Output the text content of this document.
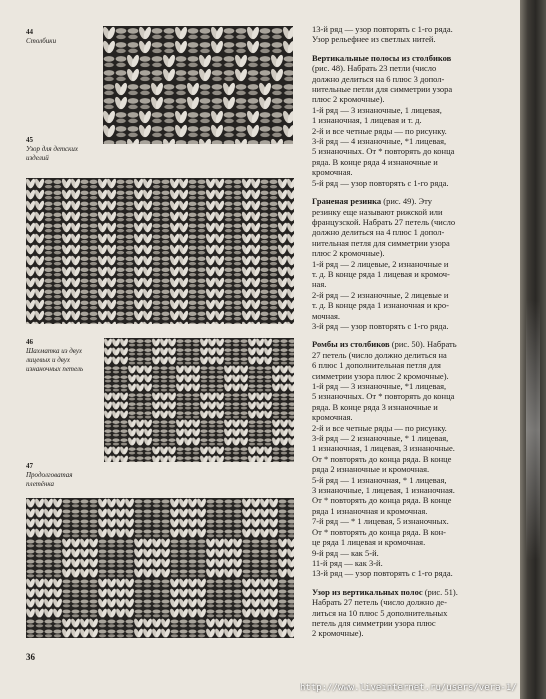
44
Столбики
45
Узор для детских
изделий
46
Шахматка из двух
лицевых и двух
изнаночных петель
47
Продолговатая
плетёнка

13-й ряд — узор повторять с 1-го ряда.
Узор рельефнее из светлых нитей.

Вертикальные полосы из столбиков
(рис. 48). Набрать 23 петли (число
должно делиться на 6 плюс 3 допол-
нительные петли для симметрии узора
плюс 2 кромочные).
1-й ряд — 3 изнаночные, 1 лицевая,
1 изнаночная, 1 лицевая и т. д.
2-й и все четные ряды — по рисунку.
3-й ряд — 4 изнаночные, *1 лицевая,
5 изнаночных. От * повторять до конца
ряда. В конце ряда 4 изнаночные и
кромочная.
5-й ряд — узор повторять с 1-го ряда.

Граненая резинка (рис. 49). Эту
резинку еще называют рижской или
французской. Набрать 27 петель (число
должно делиться на 4 плюс 1 допол-
нительная петля для симметрии узора
плюс 2 кромочные).
1-й ряд — 2 лицевые, 2 изнаночные и
т. д. В конце ряда 1 лицевая и кромоч-
ная.
2-й ряд — 2 изнаночные, 2 лицевые и
т. д. В конце ряда 1 изнаночная и кро-
мочная.
3-й ряд — узор повторять с 1-го ряда.

Ромбы из столбиков (рис. 50). Набрать
27 петель (число должно делиться на
6 плюс 1 дополнительная петля для
симметрии узора плюс 2 кромочные).
1-й ряд — 3 изнаночные, *1 лицевая,
5 изнаночных. От * повторять до конца
ряда. В конце ряда 3 изнаночные и
кромочная.
2-й и все четные ряды — по рисунку.
3-й ряд — 2 изнаночные, * 1 лицевая,
1 изнаночная, 1 лицевая, 3 изнаночные.
От * повторять до конца ряда. В конце
ряда 2 изнаночные и кромочная.
5-й ряд — 1 изнаночная, * 1 лицевая,
3 изнаночные, 1 лицевая, 1 изнаночная.
От * повторять до конца ряда. В конце
ряда 1 изнаночная и кромочная.
7-й ряд — * 1 лицевая, 5 изнаночных.
От * повторять до конца ряда. В кон-
це ряда 1 лицевая и кромочная.
9-й ряд — как 5-й.
11-й ряд — как 3-й.
13-й ряд — узор повторять с 1-го ряда.

Узор из вертикальных полос (рис. 51).
Набрать 27 петель (число должно де-
литься на 10 плюс 5 дополнительных
петель для симметрии узора плюс
2 кромочные).

36
http://www.liveinternet.ru/users/vera-1/
